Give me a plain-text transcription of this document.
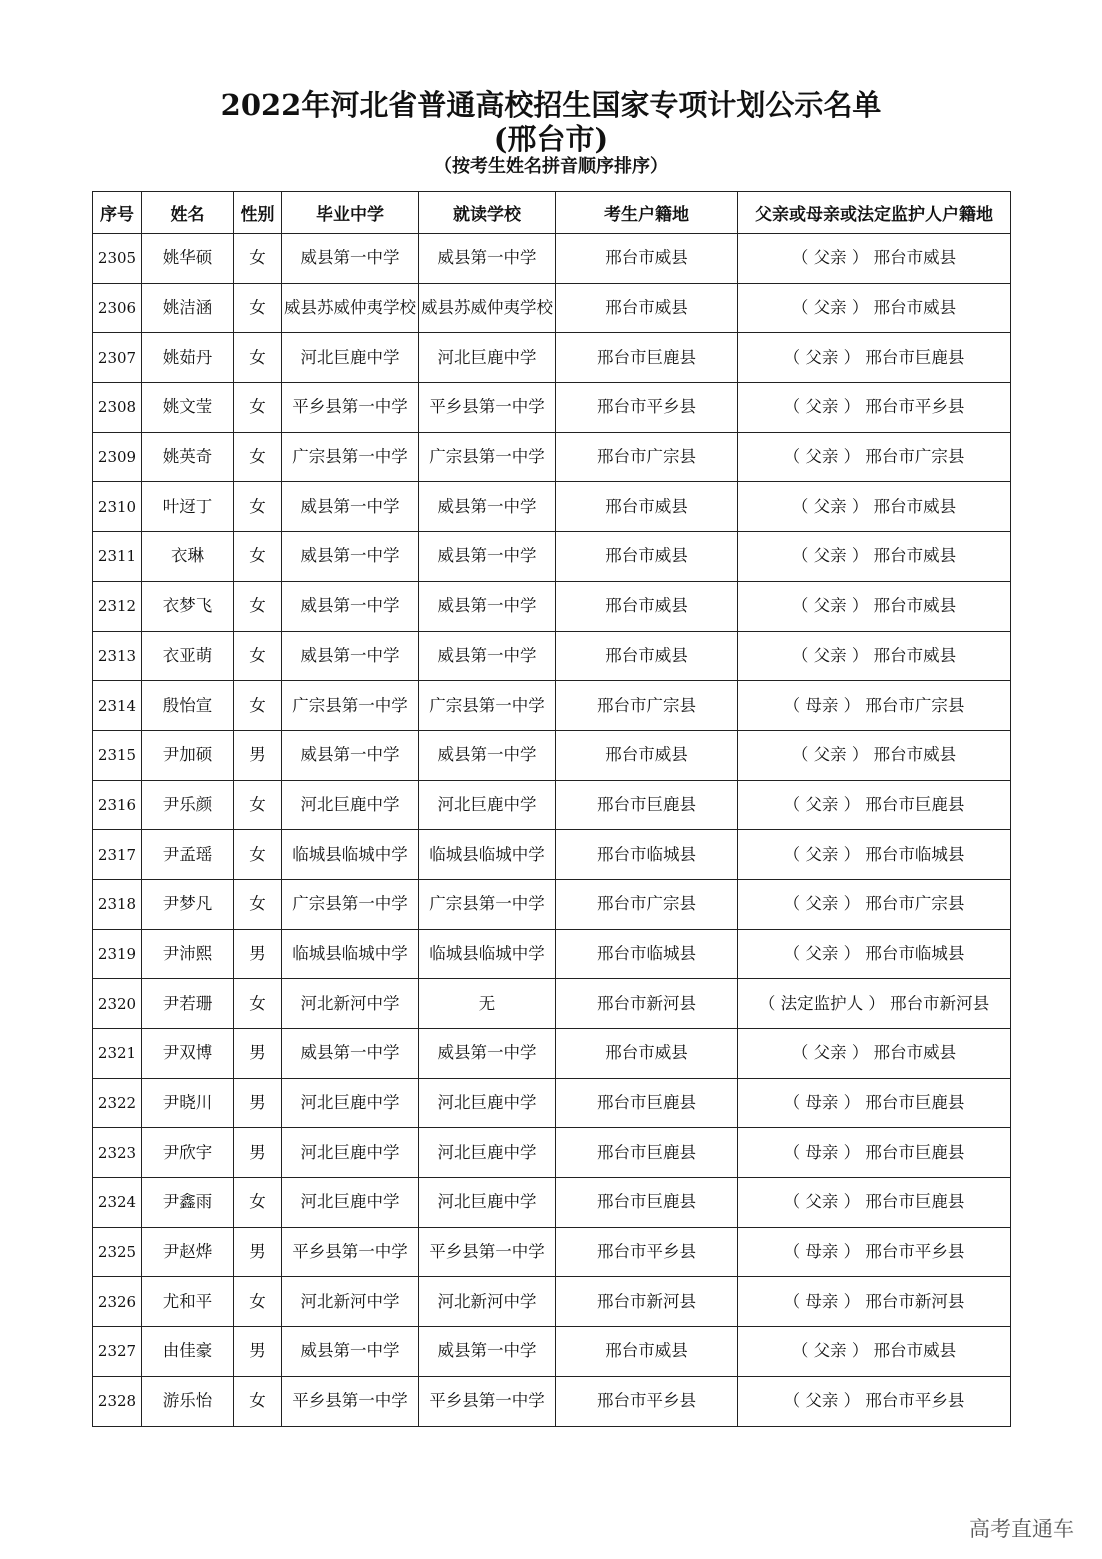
2022年河北省普通高校招生国家专项计划公示名单
(邢台市)
（按考生姓名拼音顺序排序）
序号	姓名	性别	毕业中学	就读学校	考生户籍地	父亲或母亲或法定监护人户籍地
2305	姚华硕	女	威县第一中学	威县第一中学	邢台市威县	（ 父亲 ） 邢台市威县
2306	姚洁涵	女	威县苏威仲夷学校	威县苏威仲夷学校	邢台市威县	（ 父亲 ） 邢台市威县
2307	姚茹丹	女	河北巨鹿中学	河北巨鹿中学	邢台市巨鹿县	（ 父亲 ） 邢台市巨鹿县
2308	姚文莹	女	平乡县第一中学	平乡县第一中学	邢台市平乡县	（ 父亲 ） 邢台市平乡县
2309	姚英奇	女	广宗县第一中学	广宗县第一中学	邢台市广宗县	（ 父亲 ） 邢台市广宗县
2310	叶迓丁	女	威县第一中学	威县第一中学	邢台市威县	（ 父亲 ） 邢台市威县
2311	衣琳	女	威县第一中学	威县第一中学	邢台市威县	（ 父亲 ） 邢台市威县
2312	衣梦飞	女	威县第一中学	威县第一中学	邢台市威县	（ 父亲 ） 邢台市威县
2313	衣亚萌	女	威县第一中学	威县第一中学	邢台市威县	（ 父亲 ） 邢台市威县
2314	殷怡宣	女	广宗县第一中学	广宗县第一中学	邢台市广宗县	（ 母亲 ） 邢台市广宗县
2315	尹加硕	男	威县第一中学	威县第一中学	邢台市威县	（ 父亲 ） 邢台市威县
2316	尹乐颜	女	河北巨鹿中学	河北巨鹿中学	邢台市巨鹿县	（ 父亲 ） 邢台市巨鹿县
2317	尹孟瑶	女	临城县临城中学	临城县临城中学	邢台市临城县	（ 父亲 ） 邢台市临城县
2318	尹梦凡	女	广宗县第一中学	广宗县第一中学	邢台市广宗县	（ 父亲 ） 邢台市广宗县
2319	尹沛熙	男	临城县临城中学	临城县临城中学	邢台市临城县	（ 父亲 ） 邢台市临城县
2320	尹若珊	女	河北新河中学	无	邢台市新河县	（ 法定监护人 ） 邢台市新河县
2321	尹双博	男	威县第一中学	威县第一中学	邢台市威县	（ 父亲 ） 邢台市威县
2322	尹晓川	男	河北巨鹿中学	河北巨鹿中学	邢台市巨鹿县	（ 母亲 ） 邢台市巨鹿县
2323	尹欣宇	男	河北巨鹿中学	河北巨鹿中学	邢台市巨鹿县	（ 母亲 ） 邢台市巨鹿县
2324	尹鑫雨	女	河北巨鹿中学	河北巨鹿中学	邢台市巨鹿县	（ 父亲 ） 邢台市巨鹿县
2325	尹赵烨	男	平乡县第一中学	平乡县第一中学	邢台市平乡县	（ 母亲 ） 邢台市平乡县
2326	尤和平	女	河北新河中学	河北新河中学	邢台市新河县	（ 母亲 ） 邢台市新河县
2327	由佳豪	男	威县第一中学	威县第一中学	邢台市威县	（ 父亲 ） 邢台市威县
2328	游乐怡	女	平乡县第一中学	平乡县第一中学	邢台市平乡县	（ 父亲 ） 邢台市平乡县
高考直通车
